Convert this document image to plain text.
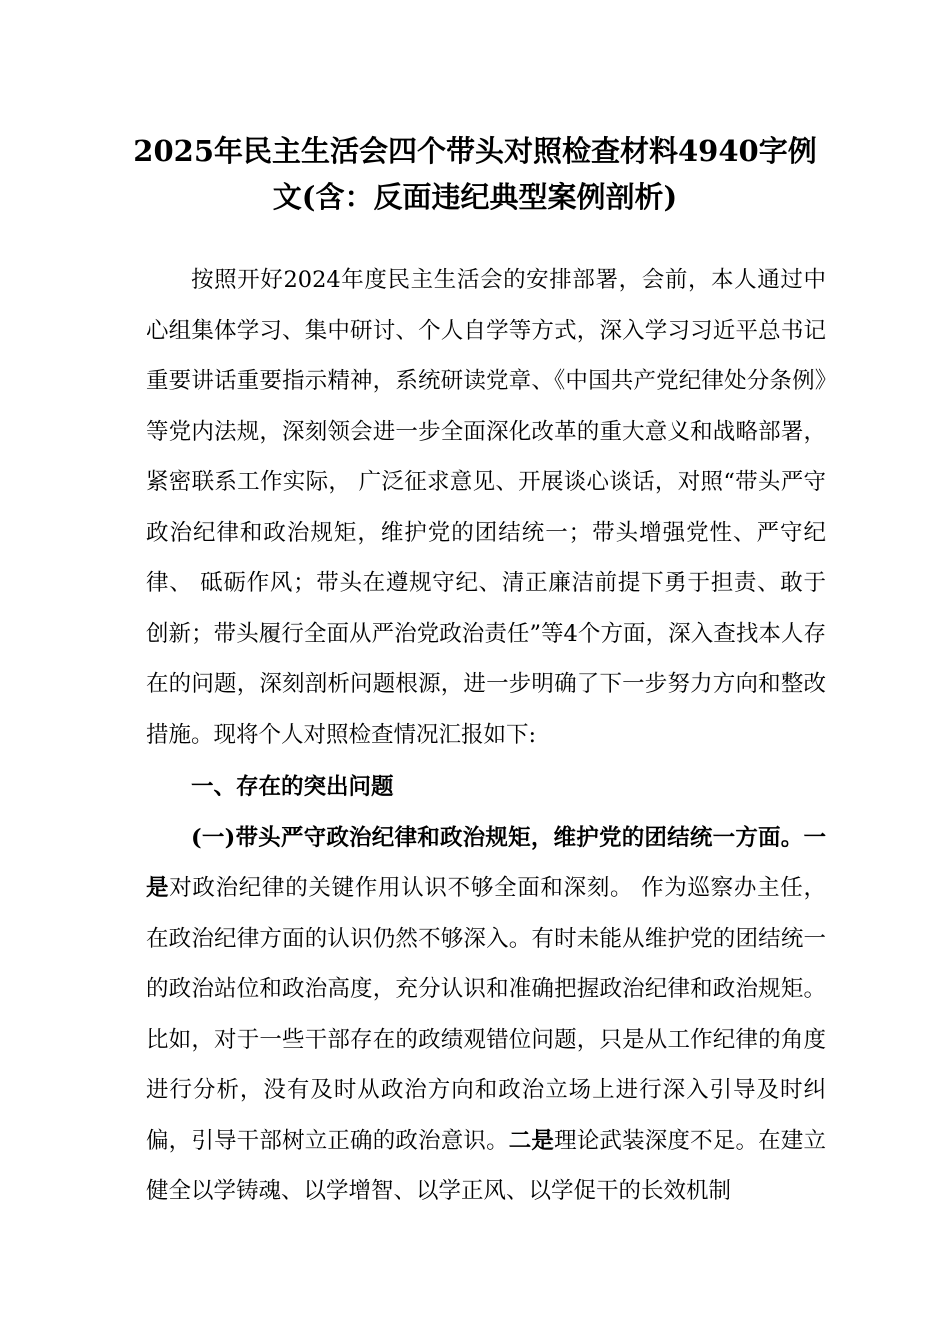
2025年民主生活会四个带头对照检查材料4940字例
文(含：反面违纪典型案例剖析)

按照开好2024年度民主生活会的安排部署，会前，本人通过中心组集体学习、集中研讨、个人自学等方式，深入学习习近平总书记重要讲话重要指示精神，系统研读党章、《中国共产党纪律处分条例》等党内法规，深刻领会进一步全面深化改革的重大意义和战略部署，紧密联系工作实际， 广泛征求意见、开展谈心谈话，对照“带头严守政治纪律和政治规矩，维护党的团结统一；带头增强党性、严守纪律、 砥砺作风；带头在遵规守纪、清正廉洁前提下勇于担责、敢于创新；带头履行全面从严治党政治责任”等4个方面，深入查找本人存在的问题，深刻剖析问题根源，进一步明确了下一步努力方向和整改措施。现将个人对照检查情况汇报如下:

一、存在的突出问题

(一)带头严守政治纪律和政治规矩，维护党的团结统一方面。一是对政治纪律的关键作用认识不够全面和深刻。 作为巡察办主任，在政治纪律方面的认识仍然不够深入。有时未能从维护党的团结统一的政治站位和政治高度，充分认识和准确把握政治纪律和政治规矩。比如，对于一些干部存在的政绩观错位问题，只是从工作纪律的角度进行分析，没有及时从政治方向和政治立场上进行深入引导及时纠偏，引导干部树立正确的政治意识。二是理论武装深度不足。在建立健全以学铸魂、以学增智、以学正风、以学促干的长效机制
